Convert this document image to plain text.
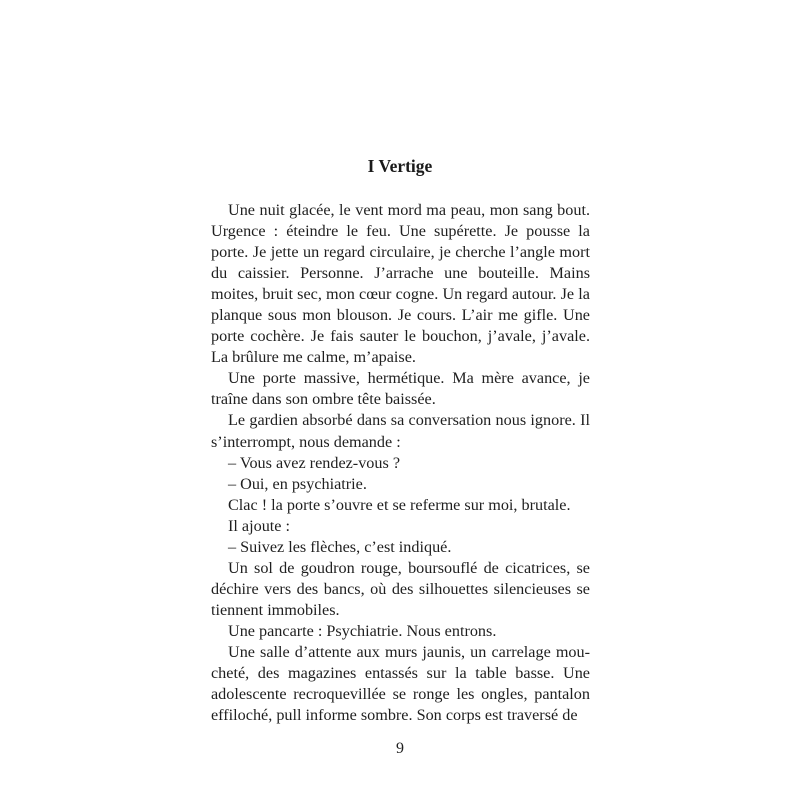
I Vertige

Une nuit glacée, le vent mord ma peau, mon sang bout. Urgence : éteindre le feu. Une supérette. Je pousse la porte. Je jette un regard circulaire, je cherche l’angle mort du caissier. Personne. J’arrache une bouteille. Mains moites, bruit sec, mon cœur cogne. Un regard autour. Je la planque sous mon blouson. Je cours. L’air me gifle. Une porte cochère. Je fais sauter le bouchon, j’avale, j’avale. La brûlure me calme, m’apaise.

Une porte massive, hermétique. Ma mère avance, je traîne dans son ombre tête baissée.

Le gardien absorbé dans sa conversation nous ignore. Il s’interrompt, nous demande :

– Vous avez rendez-vous ?

– Oui, en psychiatrie.

Clac ! la porte s’ouvre et se referme sur moi, brutale.

Il ajoute :

– Suivez les flèches, c’est indiqué.

Un sol de goudron rouge, boursouflé de cicatrices, se déchire vers des bancs, où des silhouettes silencieuses se tiennent immobiles.

Une pancarte : Psychiatrie. Nous entrons.

Une salle d’attente aux murs jaunis, un carrelage moucheté, des magazines entassés sur la table basse. Une adolescente recroquevillée se ronge les ongles, pantalon effiloché, pull informe sombre. Son corps est traversé de

9
